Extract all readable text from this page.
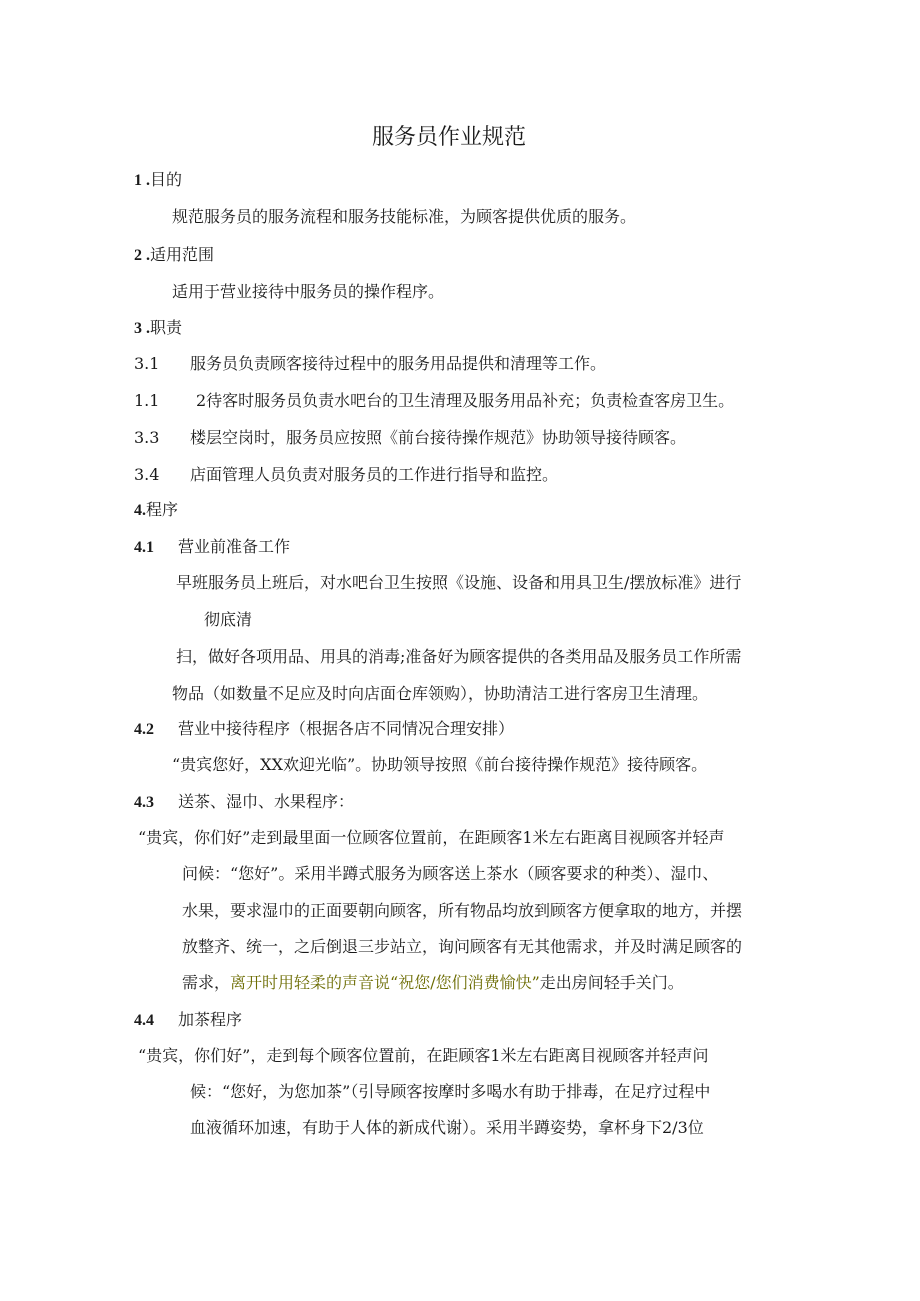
服务员作业规范
1 .目的
规范服务员的服务流程和服务技能标准，为顾客提供优质的服务。
2 .适用范围
适用于营业接待中服务员的操作程序。
3 .职责
3.1 服务员负责顾客接待过程中的服务用品提供和清理等工作。
1.1 2待客时服务员负责水吧台的卫生清理及服务用品补充；负责检查客房卫生。
3.3 楼层空岗时，服务员应按照《前台接待操作规范》协助领导接待顾客。
3.4 店面管理人员负责对服务员的工作进行指导和监控。
4.程序
4.1 营业前准备工作
早班服务员上班后，对水吧台卫生按照《设施、设备和用具卫生/摆放标准》进行
彻底清
扫，做好各项用品、用具的消毒;准备好为顾客提供的各类用品及服务员工作所需
物品（如数量不足应及时向店面仓库领购），协助清洁工进行客房卫生清理。
4.2 营业中接待程序（根据各店不同情况合理安排）
“贵宾您好，XX欢迎光临”。协助领导按照《前台接待操作规范》接待顾客。
4.3 送茶、湿巾、水果程序：
“贵宾，你们好”走到最里面一位顾客位置前，在距顾客1米左右距离目视顾客并轻声
问候：“您好”。采用半蹲式服务为顾客送上茶水（顾客要求的种类）、湿巾、
水果，要求湿巾的正面要朝向顾客，所有物品均放到顾客方便拿取的地方，并摆
放整齐、统一，之后倒退三步站立，询问顾客有无其他需求，并及时满足顾客的
需求，离开时用轻柔的声音说“祝您/您们消费愉快”走出房间轻手关门。
4.4 加茶程序
“贵宾，你们好”，走到每个顾客位置前，在距顾客1米左右距离目视顾客并轻声问
候：“您好，为您加茶”（引导顾客按摩时多喝水有助于排毒，在足疗过程中
血液循环加速，有助于人体的新成代谢）。采用半蹲姿势，拿杯身下2/3位
